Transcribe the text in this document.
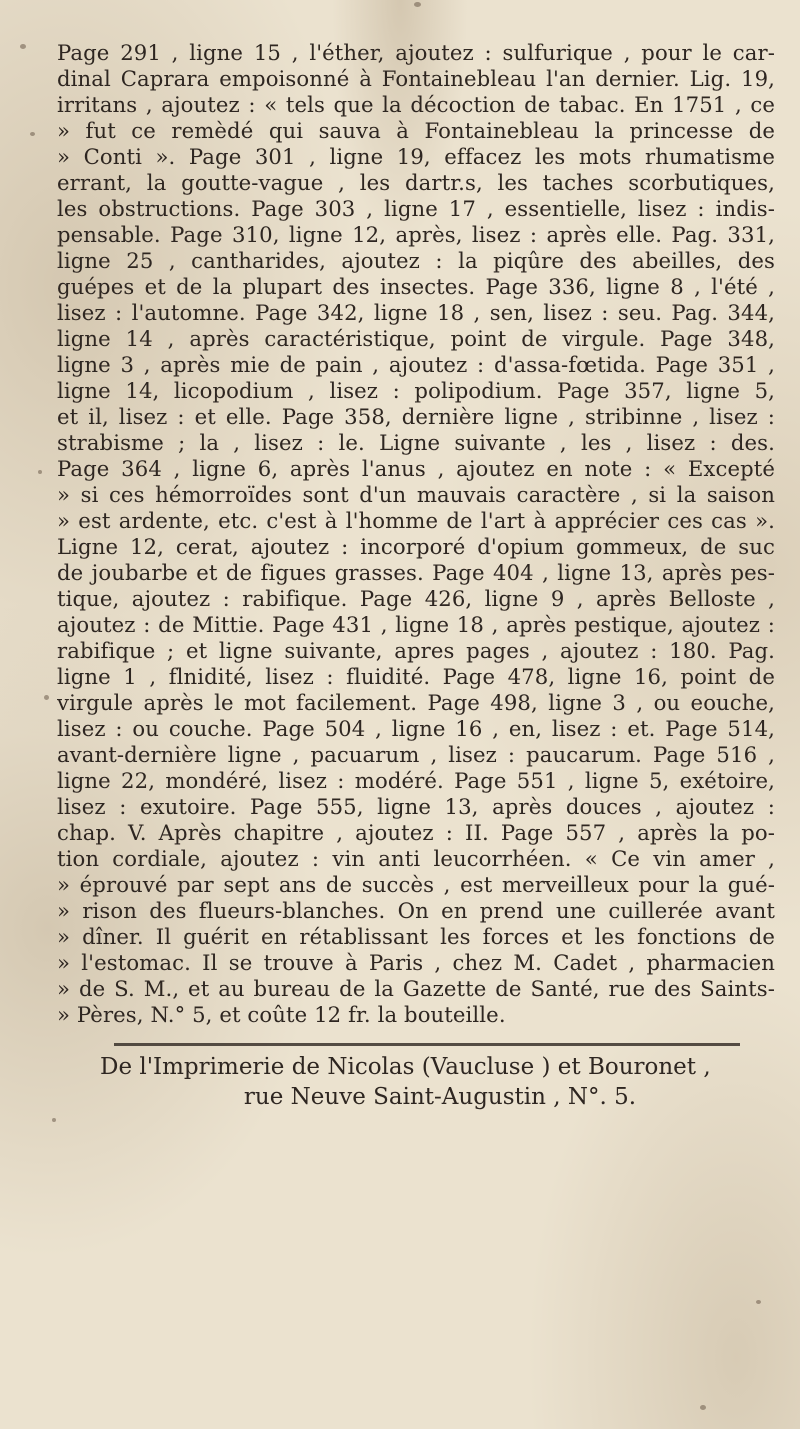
Page 291 , ligne 15 , l'éther, ajoutez : sulfurique , pour le car-
dinal Caprara empoisonné à Fontainebleau l'an dernier. Lig. 19,
irritans , ajoutez : « tels que la décoction de tabac. En 1751 , ce
» fut ce remèdé qui sauva à Fontainebleau la princesse de
» Conti ». Page 301 , ligne 19, effacez les mots rhumatisme
errant, la goutte-vague , les dartr.s, les taches scorbutiques,
les obstructions. Page 303 , ligne 17 , essentielle, lisez : indis-
pensable. Page 310, ligne 12, après, lisez : après elle. Pag. 331,
ligne 25 , cantharides, ajoutez : la piqûre des abeilles, des
guépes et de la plupart des insectes. Page 336, ligne 8 , l'été ,
lisez : l'automne. Page 342, ligne 18 , sen, lisez : seu. Pag. 344,
ligne 14 , après caractéristique, point de virgule. Page 348,
ligne 3 , après mie de pain , ajoutez : d'assa-fœtida. Page 351 ,
ligne 14, licopodium , lisez : polipodium. Page 357, ligne 5,
et il, lisez : et elle. Page 358, dernière ligne , stribinne , lisez :
strabisme ; la , lisez : le. Ligne suivante , les , lisez : des.
Page 364 , ligne 6, après l'anus , ajoutez en note : « Excepté
» si ces hémorroïdes sont d'un mauvais caractère , si la saison
» est ardente, etc. c'est à l'homme de l'art à apprécier ces cas ».
Ligne 12, cerat, ajoutez : incorporé d'opium gommeux, de suc
de joubarbe et de figues grasses. Page 404 , ligne 13, après pes-
tique, ajoutez : rabifique. Page 426, ligne 9 , après Belloste ,
ajoutez : de Mittie. Page 431 , ligne 18 , après pestique, ajoutez :
rabifique ; et ligne suivante, apres pages , ajoutez : 180. Pag.
ligne 1 , flnidité, lisez : fluidité. Page 478, ligne 16, point de
virgule après le mot facilement. Page 498, ligne 3 , ou eouche,
lisez : ou couche. Page 504 , ligne 16 , en, lisez : et. Page 514,
avant-dernière ligne , pacuarum , lisez : paucarum. Page 516 ,
ligne 22, mondéré, lisez : modéré. Page 551 , ligne 5, exétoire,
lisez : exutoire. Page 555, ligne 13, après douces , ajoutez :
chap. V. Après chapitre , ajoutez : II. Page 557 , après la po-
tion cordiale, ajoutez : vin anti leucorrhéen. « Ce vin amer ,
» éprouvé par sept ans de succès , est merveilleux pour la gué-
» rison des flueurs-blanches. On en prend une cuillerée avant
» dîner. Il guérit en rétablissant les forces et les fonctions de
» l'estomac. Il se trouve à Paris , chez M. Cadet , pharmacien
» de S. M., et au bureau de la Gazette de Santé, rue des Saints-
» Pères, N.° 5, et coûte 12 fr. la bouteille.
De l'Imprimerie de Nicolas (Vaucluse ) et Bouronet ,
rue Neuve Saint-Augustin , N°. 5.
